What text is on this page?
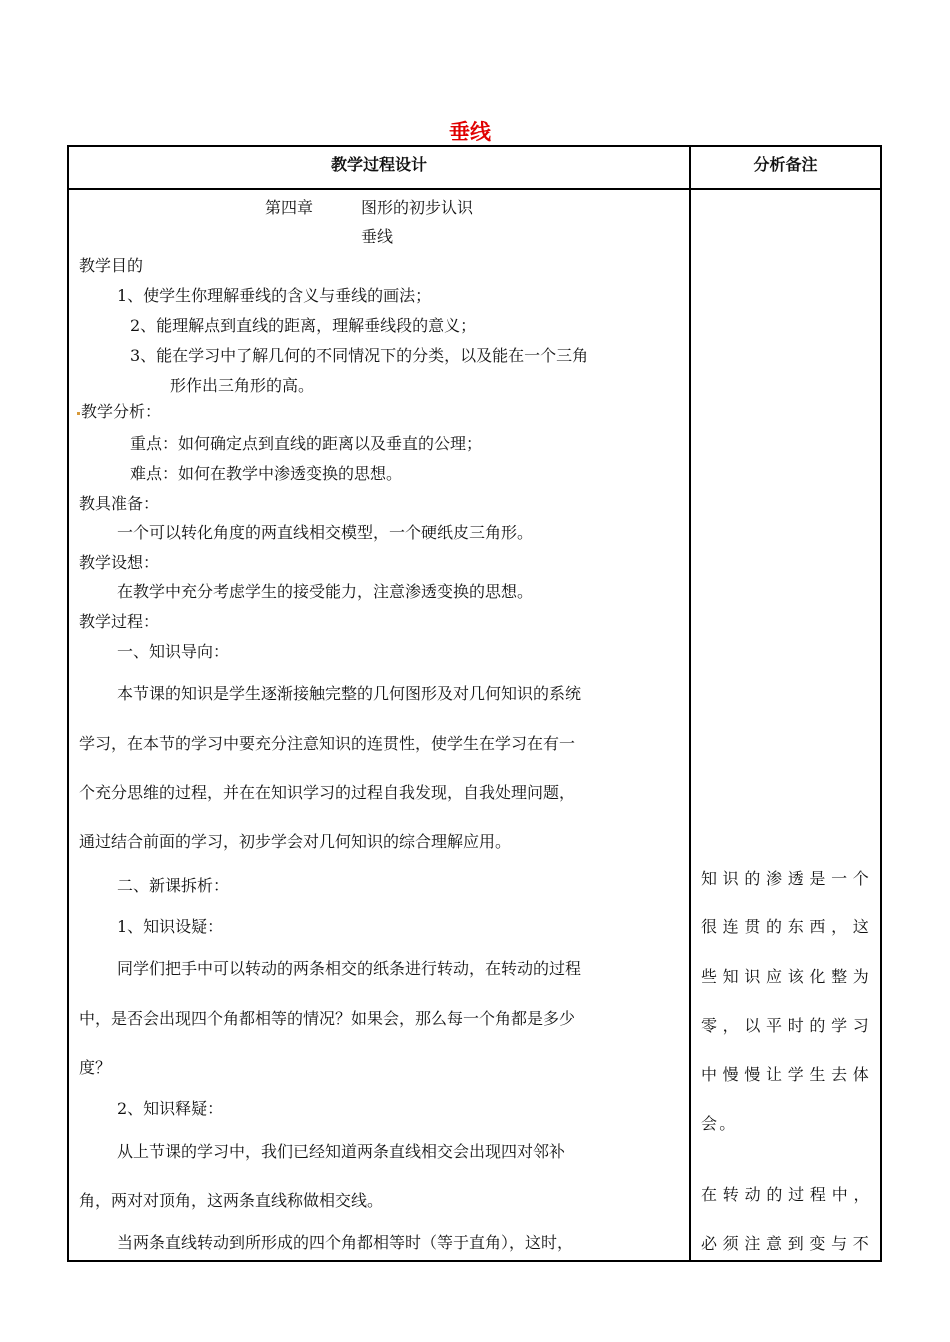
垂线
教学过程设计	分析备注
第四章	图形的初步认识
垂线
教学目的
1、使学生你理解垂线的含义与垂线的画法；
2、能理解点到直线的距离，理解垂线段的意义；
3、能在学习中了解几何的不同情况下的分类，以及能在一个三角
形作出三角形的高。
教学分析：
重点：如何确定点到直线的距离以及垂直的公理；
难点：如何在教学中渗透变换的思想。
教具准备：
一个可以转化角度的两直线相交模型，一个硬纸皮三角形。
教学设想：
在教学中充分考虑学生的接受能力，注意渗透变换的思想。
教学过程：
一、知识导向：
本节课的知识是学生逐渐接触完整的几何图形及对几何知识的系统
学习，在本节的学习中要充分注意知识的连贯性，使学生在学习在有一
个充分思维的过程，并在在知识学习的过程自我发现，自我处理问题，
通过结合前面的学习，初步学会对几何知识的综合理解应用。
二、新课拆析：
1、知识设疑：
同学们把手中可以转动的两条相交的纸条进行转动，在转动的过程
中，是否会出现四个角都相等的情况？如果会，那么每一个角都是多少
度？
2、知识释疑：
从上节课的学习中，我们已经知道两条直线相交会出现四对邻补
角，两对对顶角，这两条直线称做相交线。
当两条直线转动到所形成的四个角都相等时（等于直角），这时，
知识的渗透是一个
很连贯的东西，这
些知识应该化整为
零，以平时的学习
中慢慢让学生去体
会。
在转动的过程中，
必须注意到变与不
